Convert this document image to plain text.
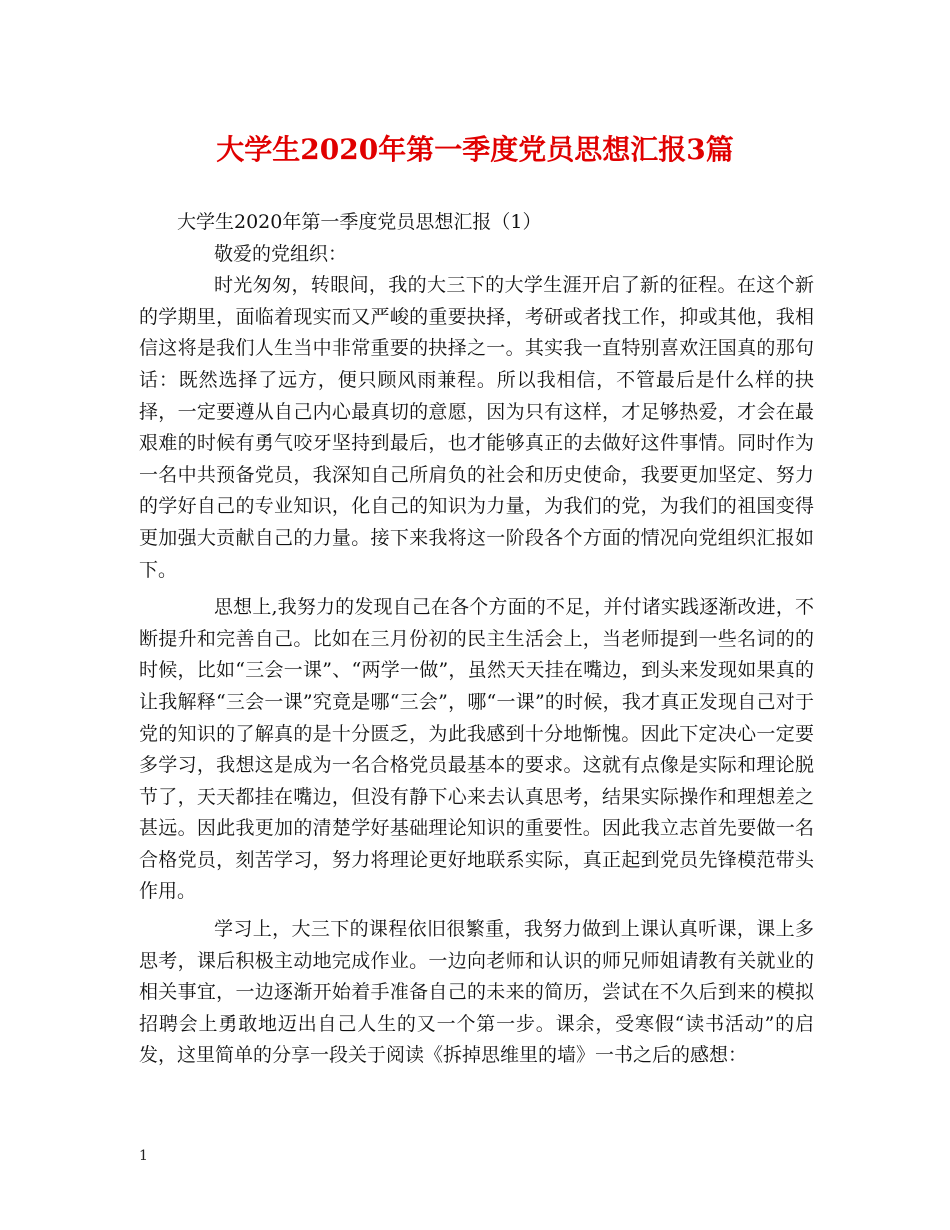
大学生2020年第一季度党员思想汇报3篇

大学生2020年第一季度党员思想汇报（1）

敬爱的党组织：

时光匆匆，转眼间，我的大三下的大学生涯开启了新的征程。在这个新的学期里，面临着现实而又严峻的重要抉择，考研或者找工作，抑或其他，我相信这将是我们人生当中非常重要的抉择之一。其实我一直特别喜欢汪国真的那句话：既然选择了远方，便只顾风雨兼程。所以我相信，不管最后是什么样的抉择，一定要遵从自己内心最真切的意愿，因为只有这样，才足够热爱，才会在最艰难的时候有勇气咬牙坚持到最后，也才能够真正的去做好这件事情。同时作为一名中共预备党员，我深知自己所肩负的社会和历史使命，我要更加坚定、努力的学好自己的专业知识，化自己的知识为力量，为我们的党，为我们的祖国变得更加强大贡献自己的力量。接下来我将这一阶段各个方面的情况向党组织汇报如下。

思想上,我努力的发现自己在各个方面的不足，并付诸实践逐渐改进，不断提升和完善自己。比如在三月份初的民主生活会上，当老师提到一些名词的的时候，比如“三会一课”、“两学一做”，虽然天天挂在嘴边，到头来发现如果真的让我解释“三会一课”究竟是哪“三会”，哪“一课”的时候，我才真正发现自己对于党的知识的了解真的是十分匮乏，为此我感到十分地惭愧。因此下定决心一定要多学习，我想这是成为一名合格党员最基本的要求。这就有点像是实际和理论脱节了，天天都挂在嘴边，但没有静下心来去认真思考，结果实际操作和理想差之甚远。因此我更加的清楚学好基础理论知识的重要性。因此我立志首先要做一名合格党员，刻苦学习，努力将理论更好地联系实际，真正起到党员先锋模范带头作用。

学习上，大三下的课程依旧很繁重，我努力做到上课认真听课，课上多思考，课后积极主动地完成作业。一边向老师和认识的师兄师姐请教有关就业的相关事宜，一边逐渐开始着手准备自己的未来的简历，尝试在不久后到来的模拟招聘会上勇敢地迈出自己人生的又一个第一步。课余，受寒假“读书活动”的启发，这里简单的分享一段关于阅读《拆掉思维里的墙》一书之后的感想：

1
